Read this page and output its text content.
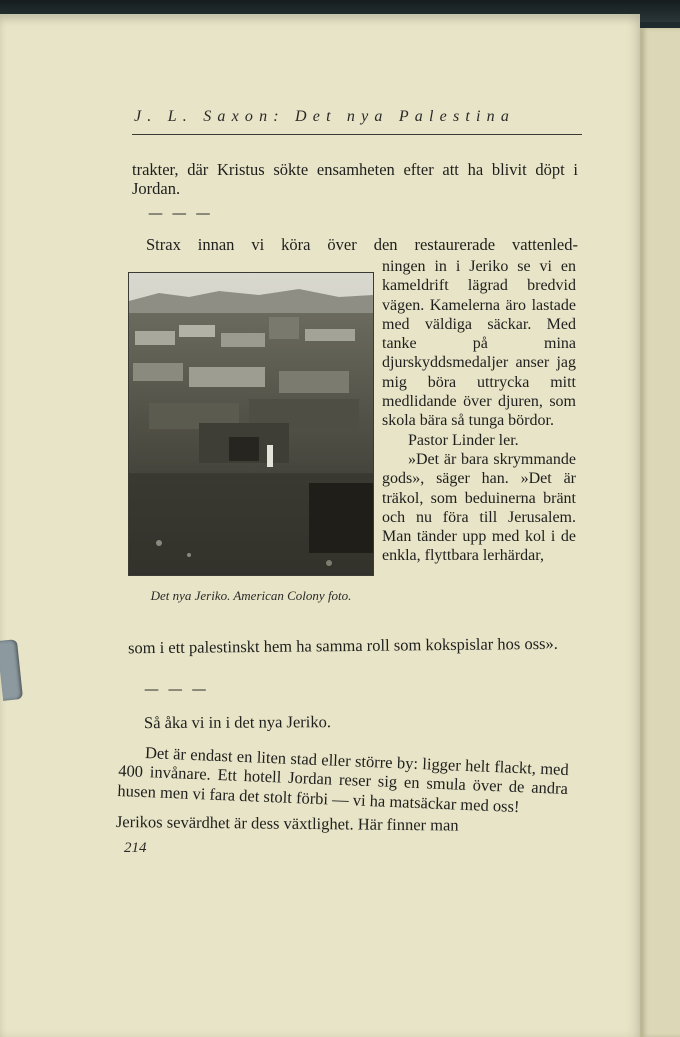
J. L. Saxon: Det nya Palestina
trakter, där Kristus sökte ensamheten efter att ha blivit döpt i Jordan.
— — —
Strax innan vi köra över den restaurerade vattenled-
Det nya Jeriko. American Colony foto.
ningen in i Jeriko se vi en kameldrift lägrad bredvid vägen. Kamelerna äro lastade med väldiga säckar. Med tanke på mina djurskyddsmedaljer anser jag mig böra uttrycka mitt medlidande över djuren, som skola bära så tunga bördor.
Pastor Linder ler.
»Det är bara skrymmande gods», säger han. »Det är träkol, som beduinerna bränt och nu föra till Jerusalem. Man tänder upp med kol i de enkla, flyttbara lerhärdar,
som i ett palestinskt hem ha samma roll som kokspislar hos oss».
— — —
Så åka vi in i det nya Jeriko.
Det är endast en liten stad eller större by: ligger helt flackt, med 400 invånare. Ett hotell Jordan reser sig en smula över de andra husen men vi fara det stolt förbi — vi ha matsäckar med oss!
Jerikos sevärdhet är dess växtlighet. Här finner man
214
